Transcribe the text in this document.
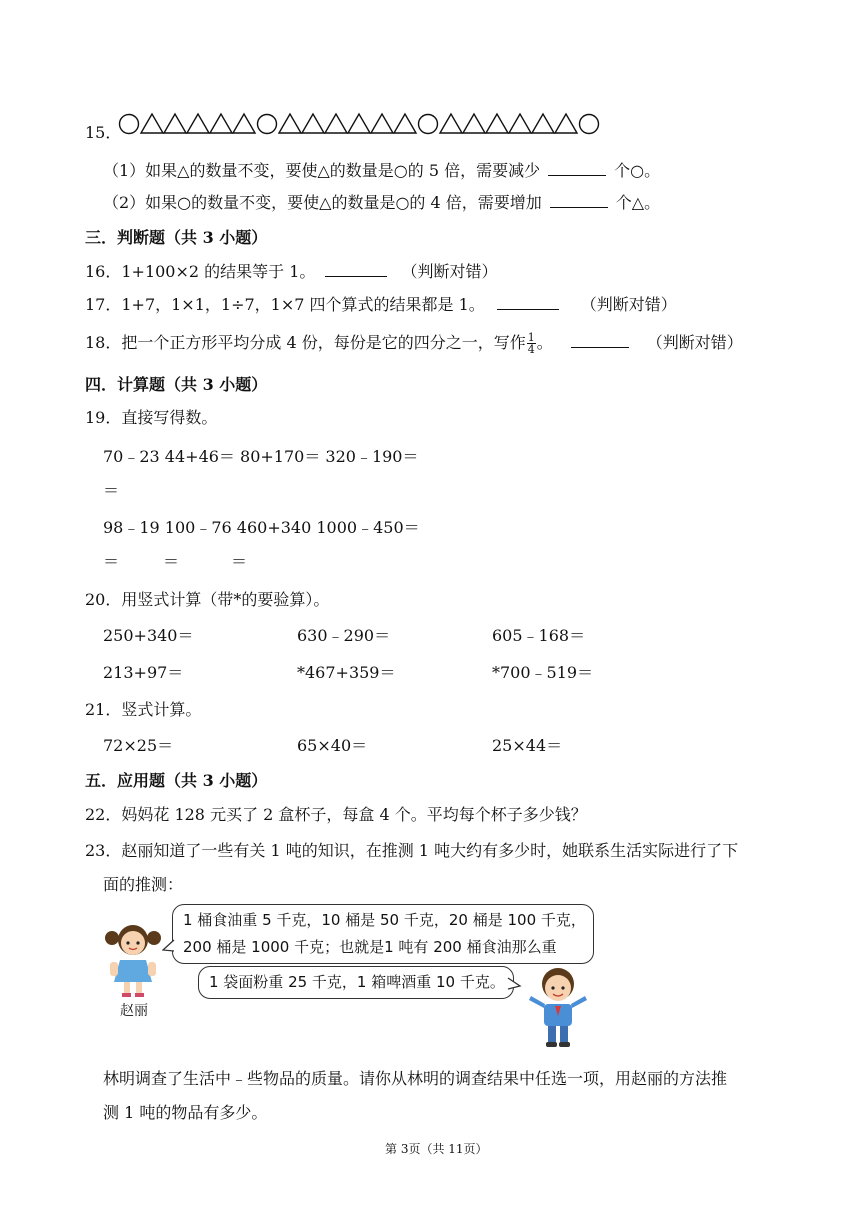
15．
（1）如果△的数量不变，要使△的数量是○的 5 倍，需要减少	个○。
（2）如果○的数量不变，要使△的数量是○的 4 倍，需要增加	个△。
三．判断题（共 3 小题）
16．1+100×2 的结果等于 1。	（判断对错）
17．1+7，1×1，1÷7，1×7 四个算式的结果都是 1。	（判断对错）
18．把一个正方形平均分成 4 份，每份是它的四分之一，写作 $\frac{1}{4}$ 。	（判断对错）
四．计算题（共 3 小题）
19．直接写得数。
70﹣23 44+46＝ 80+170＝ 320﹣190＝
＝
98﹣19 100﹣76 460+340 1000﹣450＝
＝	＝	＝
20．用竖式计算（带*的要验算）。
250+340＝	630﹣290＝	605﹣168＝
213+97＝	*467+359＝	*700﹣519＝
21．竖式计算。
72×25＝	65×40＝	25×44＝
五．应用题（共 3 小题）
22．妈妈花 128 元买了 2 盒杯子，每盒 4 个。平均每个杯子多少钱？
23．赵丽知道了一些有关 1 吨的知识，在推测 1 吨大约有多少时，她联系生活实际进行了下
面的推测：
赵丽
1 桶食油重 5 千克，10 桶是 50 千克，20 桶是 100 千克，
200 桶是 1000 千克；也就是1 吨有 200 桶食油那么重
1 袋面粉重 25 千克，1 箱啤酒重 10 千克。
林明调查了生活中﹣些物品的质量。请你从林明的调查结果中任选一项，用赵丽的方法推
测 1 吨的物品有多少。
第 3页（共 11页）
